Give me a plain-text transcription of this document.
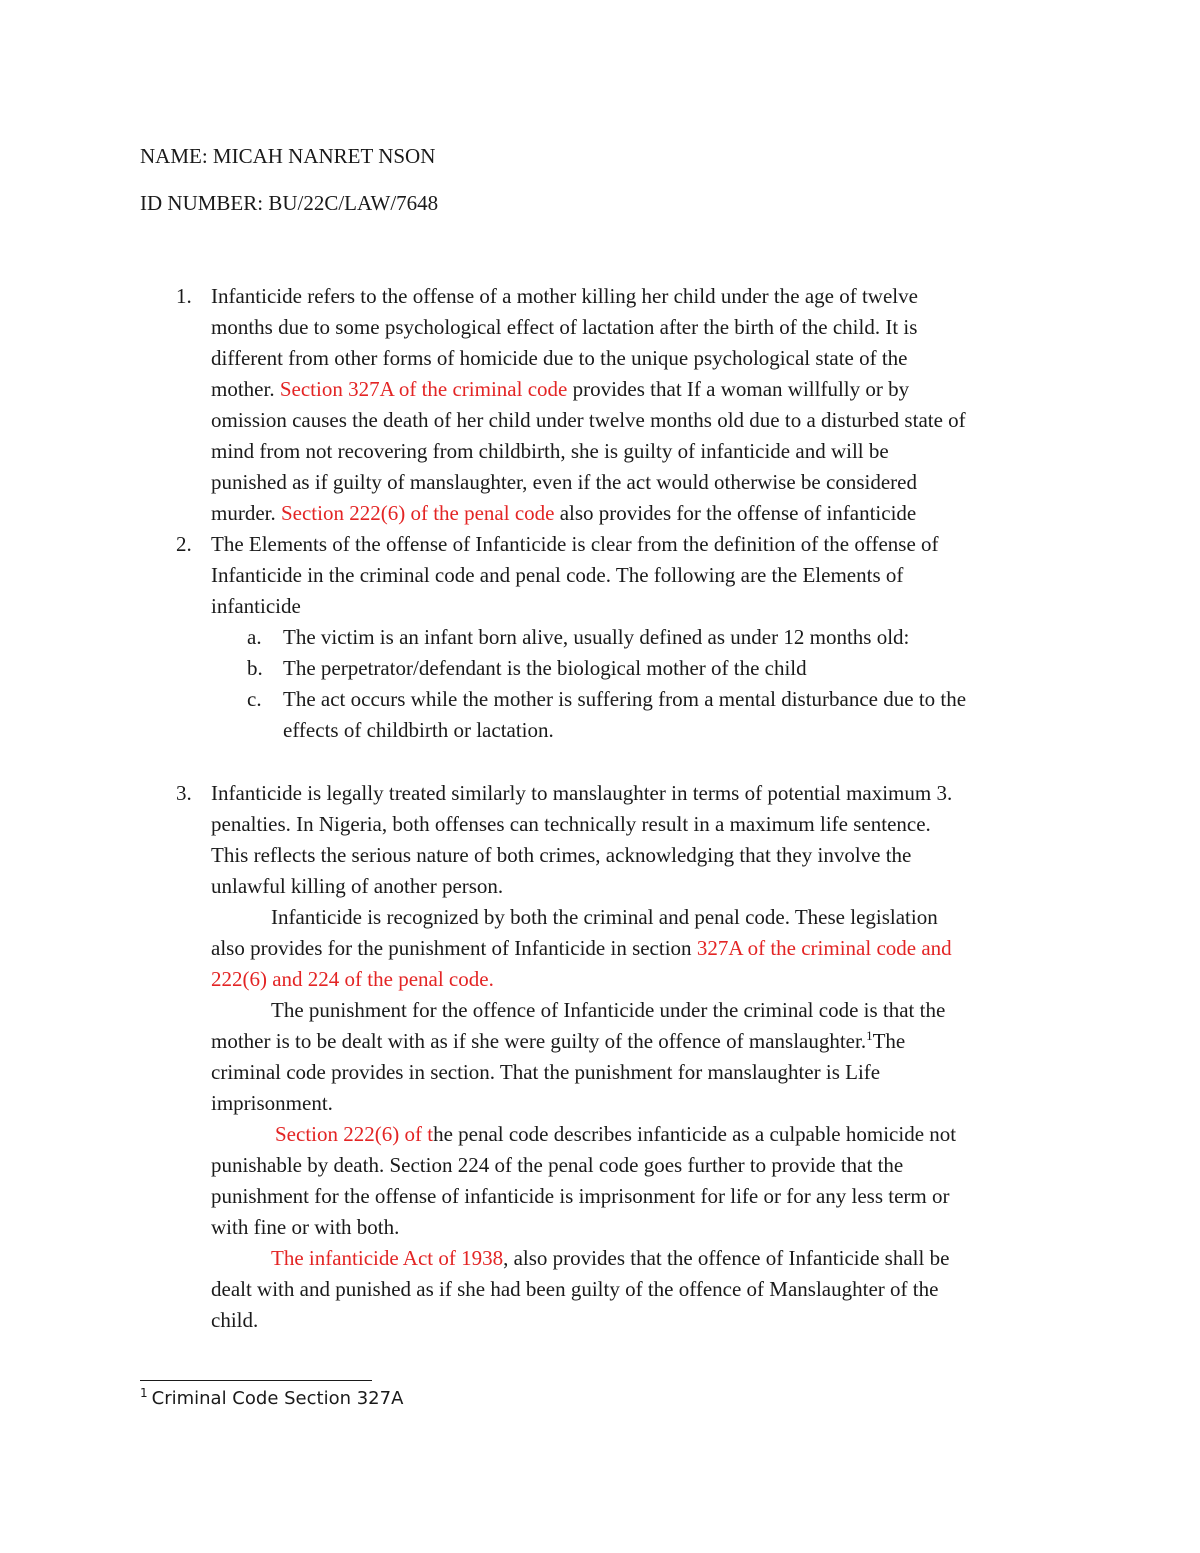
NAME: MICAH NANRET NSON

ID NUMBER: BU/22C/LAW/7648

1. Infanticide refers to the offense of a mother killing her child under the age of twelve

months due to some psychological effect of lactation after the birth of the child. It is

different from other forms of homicide due to the unique psychological state of the

mother. Section 327A of the criminal code provides that If a woman willfully or by

omission causes the death of her child under twelve months old due to a disturbed state of

mind from not recovering from childbirth, she is guilty of infanticide and will be

punished as if guilty of manslaughter, even if the act would otherwise be considered

murder. Section 222(6) of the penal code also provides for the offense of infanticide

2. The Elements of the offense of Infanticide is clear from the definition of the offense of

Infanticide in the criminal code and penal code. The following are the Elements of

infanticide

a. The victim is an infant born alive, usually defined as under 12 months old:

b. The perpetrator/defendant is the biological mother of the child

c. The act occurs while the mother is suffering from a mental disturbance due to the

effects of childbirth or lactation.

3. Infanticide is legally treated similarly to manslaughter in terms of potential maximum 3.

penalties. In Nigeria, both offenses can technically result in a maximum life sentence.

This reflects the serious nature of both crimes, acknowledging that they involve the

unlawful killing of another person.

Infanticide is recognized by both the criminal and penal code. These legislation

also provides for the punishment of Infanticide in section 327A of the criminal code and

222(6) and 224 of the penal code.

The punishment for the offence of Infanticide under the criminal code is that the

mother is to be dealt with as if she were guilty of the offence of manslaughter.$^1$The

criminal code provides in section. That the punishment for manslaughter is Life

imprisonment.

Section 222(6) of the penal code describes infanticide as a culpable homicide not

punishable by death. Section 224 of the penal code goes further to provide that the

punishment for the offense of infanticide is imprisonment for life or for any less term or

with fine or with both.

The infanticide Act of 1938, also provides that the offence of Infanticide shall be

dealt with and punished as if she had been guilty of the offence of Manslaughter of the

child.

$^1$ Criminal Code Section 327A
